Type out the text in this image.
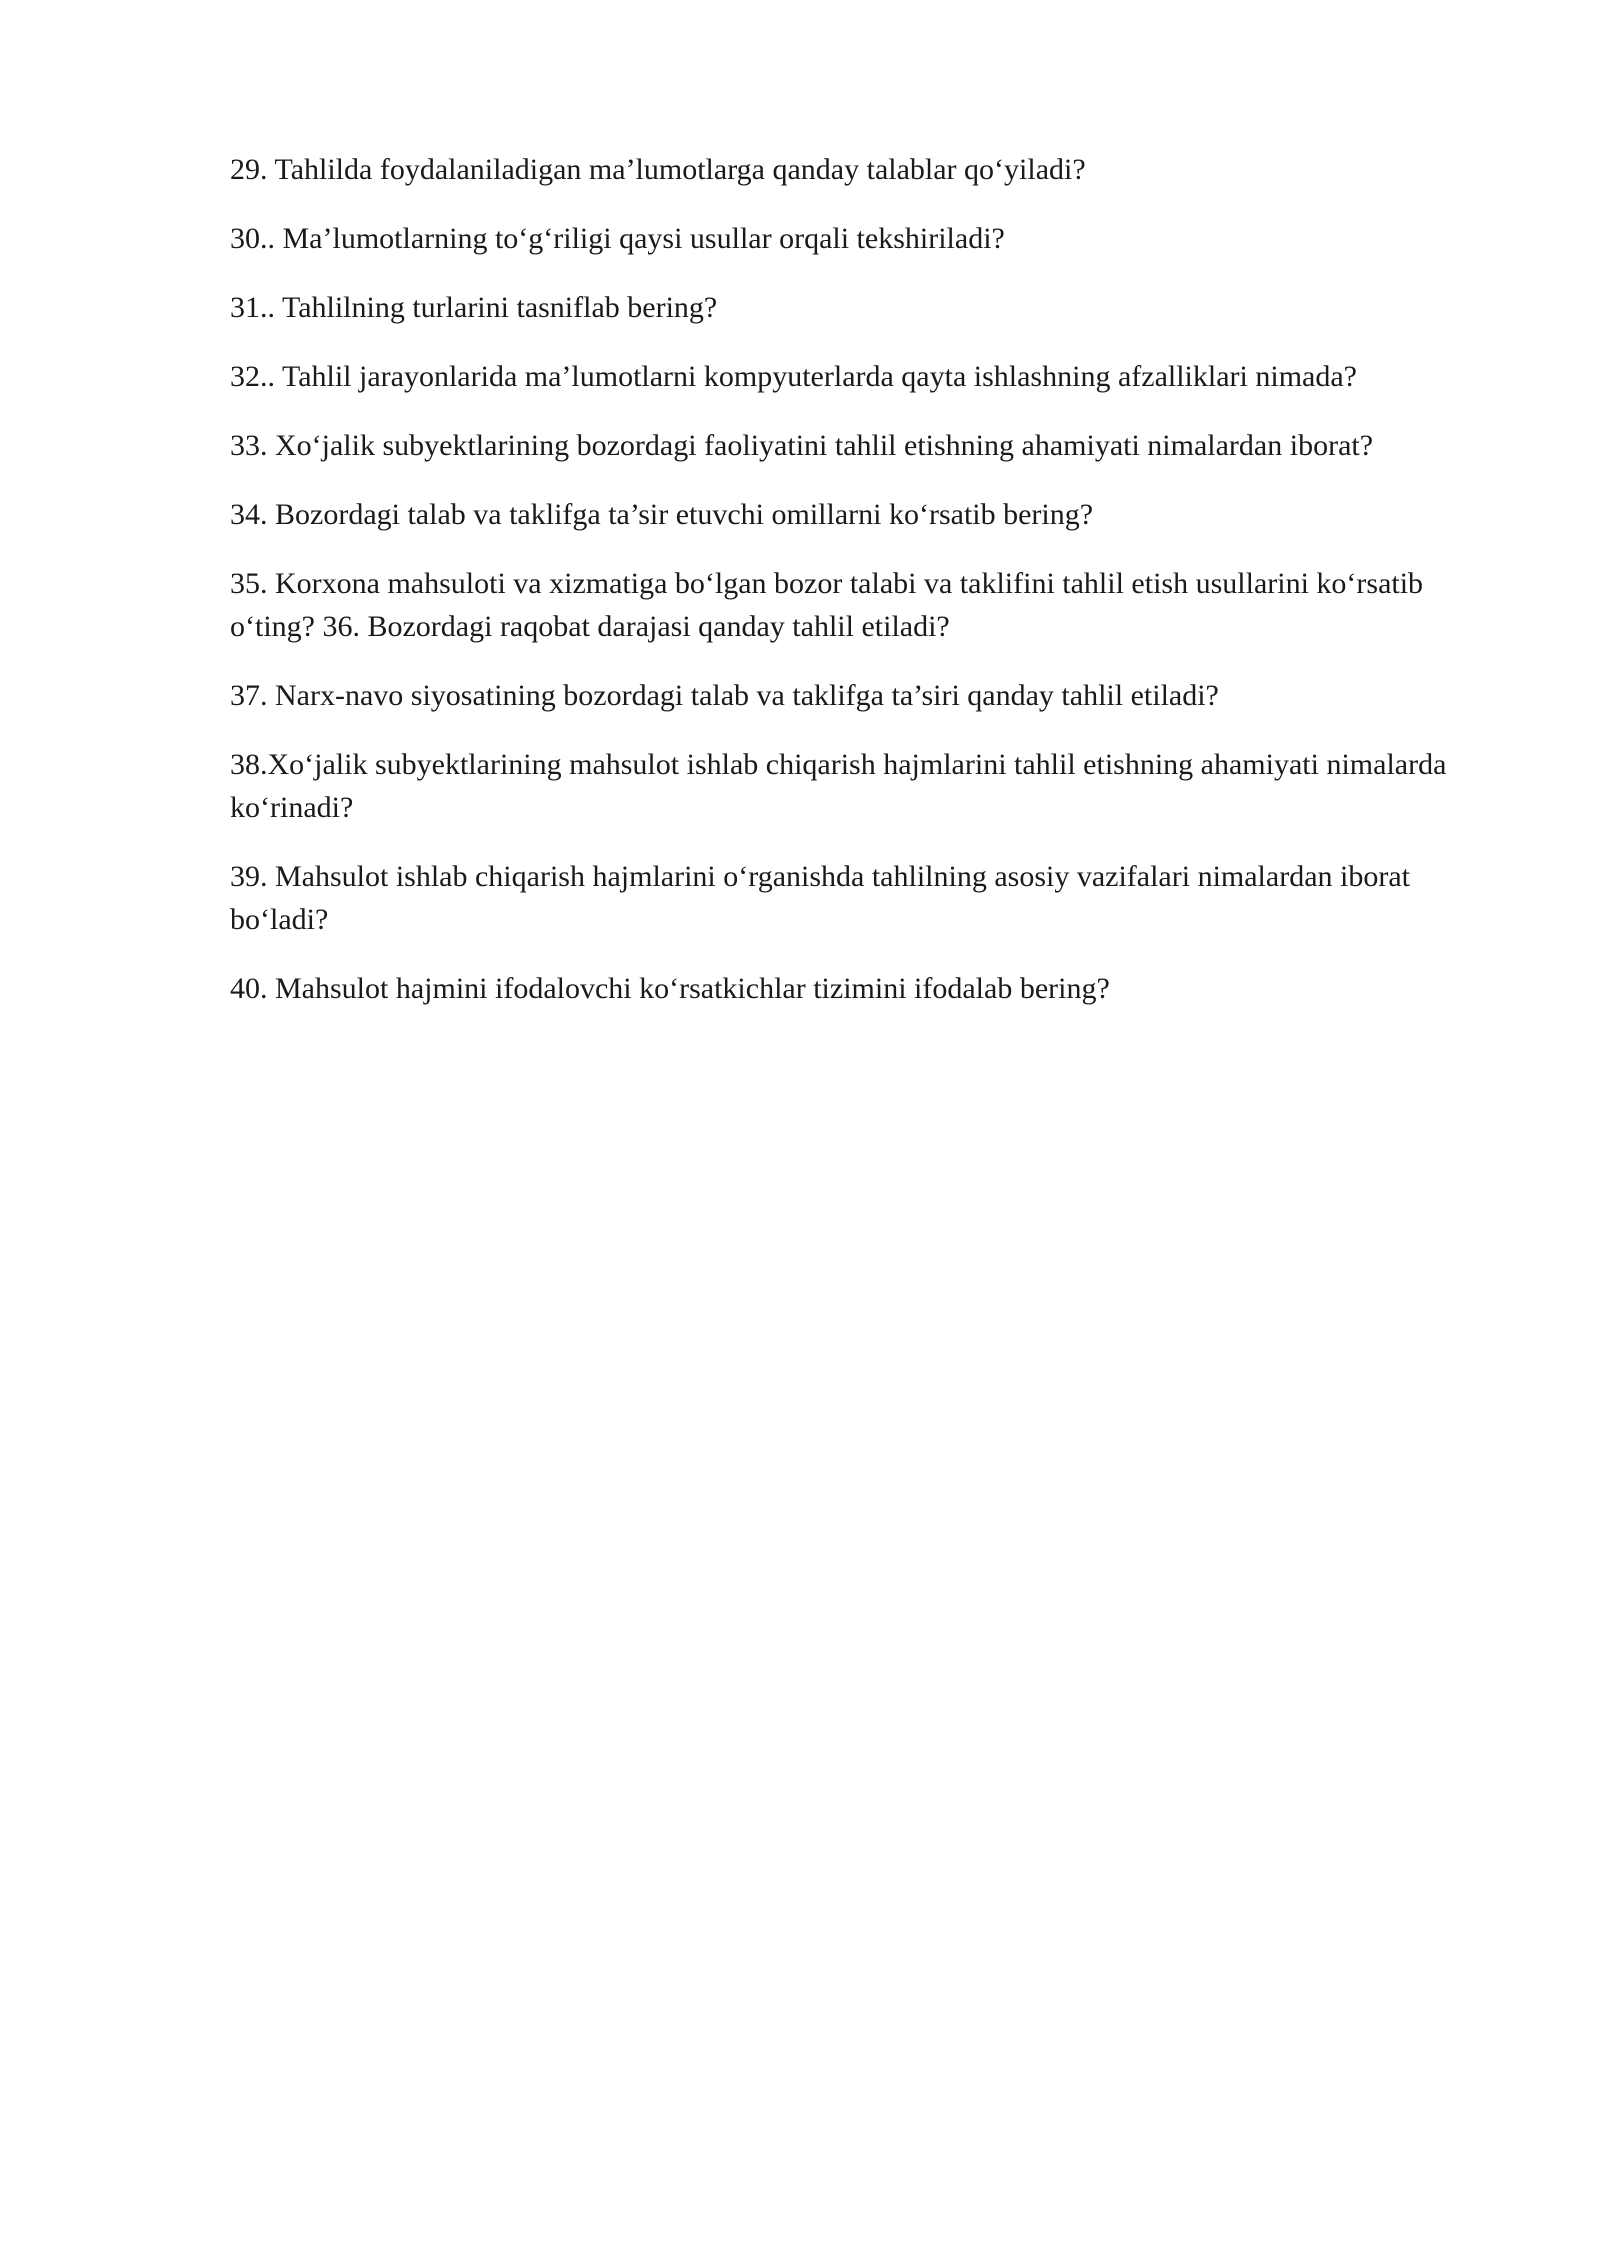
29. Tahlilda foydalaniladigan ma’lumotlarga qanday talablar qo‘yiladi?

30.. Ma’lumotlarning to‘g‘riligi qaysi usullar orqali tekshiriladi?

31.. Tahlilning turlarini tasniflab bering?

32.. Tahlil jarayonlarida ma’lumotlarni kompyuterlarda qayta ishlashning afzalliklari nimada?

33. Xo‘jalik subyektlarining bozordagi faoliyatini tahlil etishning ahamiyati nimalardan iborat?

34. Bozordagi talab va taklifga ta’sir etuvchi omillarni ko‘rsatib bering?

35. Korxona mahsuloti va xizmatiga bo‘lgan bozor talabi va taklifini tahlil etish usullarini ko‘rsatib o‘ting? 36. Bozordagi raqobat darajasi qanday tahlil etiladi?

37. Narx-navo siyosatining bozordagi talab va taklifga ta’siri qanday tahlil etiladi?

38.Xo‘jalik subyektlarining mahsulot ishlab chiqarish hajmlarini tahlil etishning ahamiyati nimalarda ko‘rinadi?

39. Mahsulot ishlab chiqarish hajmlarini o‘rganishda tahlilning asosiy vazifalari nimalardan iborat bo‘ladi?

40. Mahsulot hajmini ifodalovchi ko‘rsatkichlar tizimini ifodalab bering?
